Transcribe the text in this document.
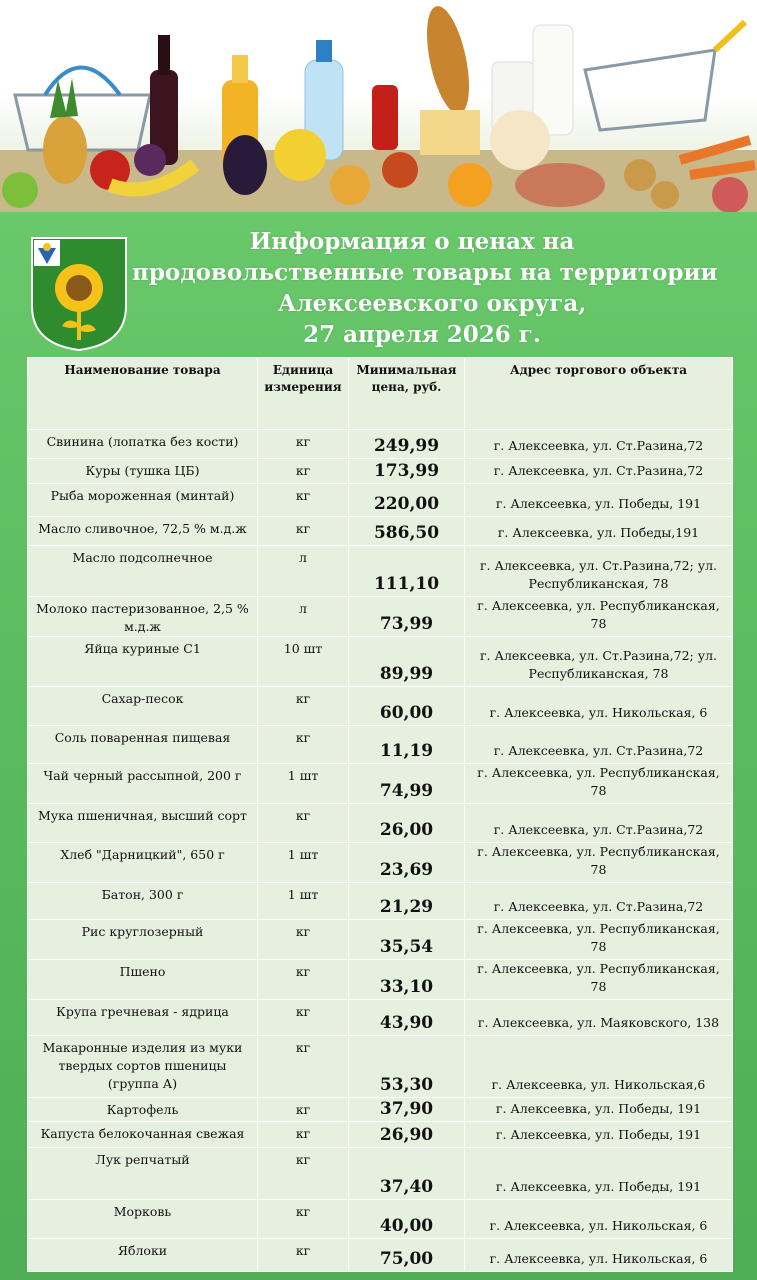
Информация о ценах на
продовольственные товары на территории
Алексеевского округа,
27 апреля 2026 г.
Наименование товара	Единица измерения	Минимальная цена, руб.	Адрес торгового объекта
Свинина (лопатка без кости)	кг	249,99	г. Алексеевка, ул. Ст.Разина,72
Куры (тушка ЦБ)	кг	173,99	г. Алексеевка, ул. Ст.Разина,72
Рыба мороженная (минтай)	кг	220,00	г. Алексеевка, ул. Победы, 191
Масло сливочное, 72,5 % м.д.ж	кг	586,50	г. Алексеевка, ул. Победы,191
Масло подсолнечное	л	111,10	г. Алексеевка, ул. Ст.Разина,72; ул. Республиканская, 78
Молоко пастеризованное, 2,5 % м.д.ж	л	73,99	г. Алексеевка, ул. Республиканская, 78
Яйца куриные С1	10 шт	89,99	г. Алексеевка, ул. Ст.Разина,72; ул. Республиканская, 78
Сахар-песок	кг	60,00	г. Алексеевка, ул. Никольская, 6
Соль поваренная пищевая	кг	11,19	г. Алексеевка, ул. Ст.Разина,72
Чай черный рассыпной, 200 г	1 шт	74,99	г. Алексеевка, ул. Республиканская, 78
Мука пшеничная, высший сорт	кг	26,00	г. Алексеевка, ул. Ст.Разина,72
Хлеб "Дарницкий", 650 г	1 шт	23,69	г. Алексеевка, ул. Республиканская, 78
Батон, 300 г	1 шт	21,29	г. Алексеевка, ул. Ст.Разина,72
Рис круглозерный	кг	35,54	г. Алексеевка, ул. Республиканская, 78
Пшено	кг	33,10	г. Алексеевка, ул. Республиканская, 78
Крупа гречневая - ядрица	кг	43,90	г. Алексеевка, ул. Маяковского, 138
Макаронные изделия из муки твердых сортов пшеницы (группа А)	кг	53,30	г. Алексеевка, ул. Никольская,6
Картофель	кг	37,90	г. Алексеевка, ул. Победы, 191
Капуста белокочанная свежая	кг	26,90	г. Алексеевка, ул. Победы, 191
Лук репчатый	кг	37,40	г. Алексеевка, ул. Победы, 191
Морковь	кг	40,00	г. Алексеевка, ул. Никольская, 6
Яблоки	кг	75,00	г. Алексеевка, ул. Никольская, 6
